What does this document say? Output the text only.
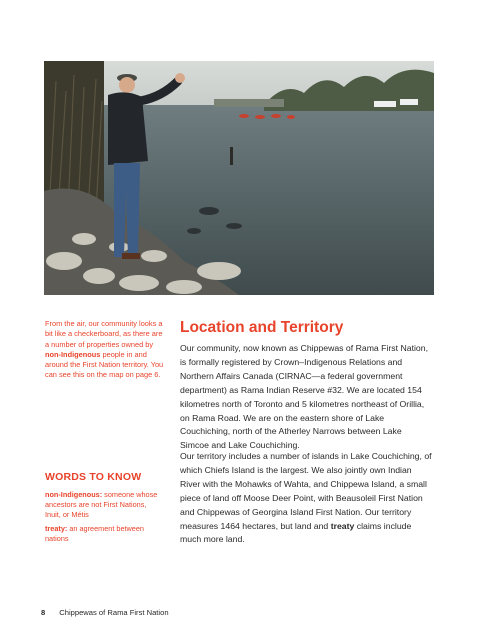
From the air, our community looks a bit like a checkerboard, as there are a number of properties owned by non-Indigenous people in and around the First Nation territory. You can see this on the map on page 6.

WORDS TO KNOW

non-Indigenous: someone whose ancestors are not First Nations, Inuit, or Métis

treaty: an agreement between nations

Location and Territory

Our community, now known as Chippewas of Rama First Nation, is formally registered by Crown–Indigenous Relations and Northern Affairs Canada (CIRNAC—a federal government department) as Rama Indian Reserve #32. We are located 154 kilometres north of Toronto and 5 kilometres northeast of Orillia, on Rama Road. We are on the eastern shore of Lake Couchiching, north of the Atherley Narrows between Lake Simcoe and Lake Couchiching.

Our territory includes a number of islands in Lake Couchiching, of which Chiefs Island is the largest. We also jointly own Indian River with the Mohawks of Wahta, and Chippewa Island, a small piece of land off Moose Deer Point, with Beausoleil First Nation and Chippewas of Georgina Island First Nation. Our territory measures 1464 hectares, but land and treaty claims include much more land.

8 Chippewas of Rama First Nation
